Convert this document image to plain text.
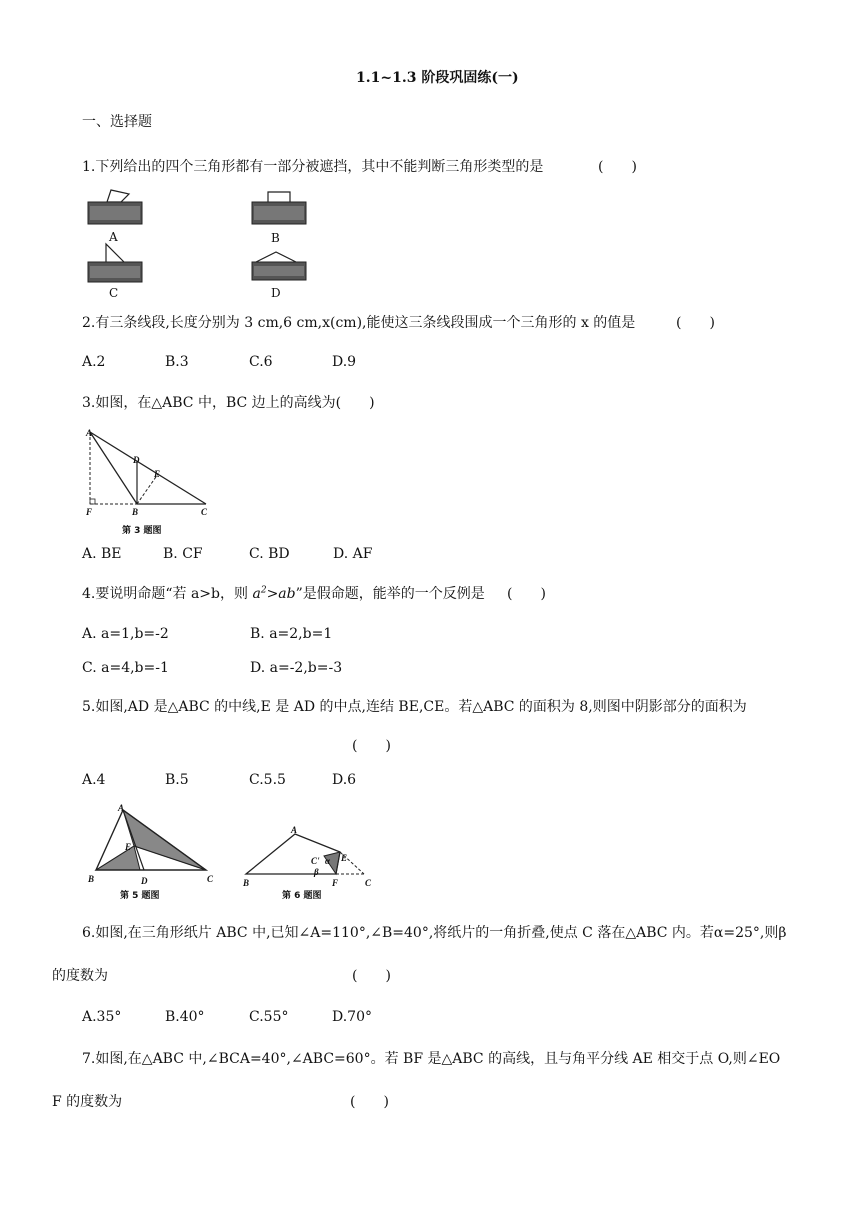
1.1~1.3 阶段巩固练(一)
一、选择题
1.下列给出的四个三角形都有一部分被遮挡，其中不能判断三角形类型的是	(　　)
A	B
C	D
2.有三条线段,长度分别为 3 cm,6 cm,x(cm),能使这三条线段围成一个三角形的 x 的值是	(　　)
A.2	B.3	C.6	D.9
3.如图，在△ABC 中，BC 边上的高线为(　　)
A
D
E
F	B	C
第 3 题图
A. BE	B. CF	C. BD	D. AF
4.要说明命题“若 a>b，则 $a^2>ab$”是假命题，能举的一个反例是 (　　)
A. a=1,b=-2	B. a=2,b=1
C. a=4,b=-1	D. a=-2,b=-3
5.如图,AD 是△ABC 的中线,E 是 AD 的中点,连结 BE,CE。若△ABC 的面积为 8,则图中阴影部分的面积为
(　　)
A.4	B.5	C.5.5	D.6
A
E
B	D	C
第 5 题图
A
C' α E
β
B	F	C
第 6 题图
6.如图,在三角形纸片 ABC 中,已知∠A=110°,∠B=40°,将纸片的一角折叠,使点 C 落在△ABC 内。若α=25°,则β
的度数为	(　　)
A.35°	B.40°	C.55°	D.70°
7.如图,在△ABC 中,∠BCA=40°,∠ABC=60°。若 BF 是△ABC 的高线，且与角平分线 AE 相交于点 O,则∠EO
F 的度数为	(　　)
